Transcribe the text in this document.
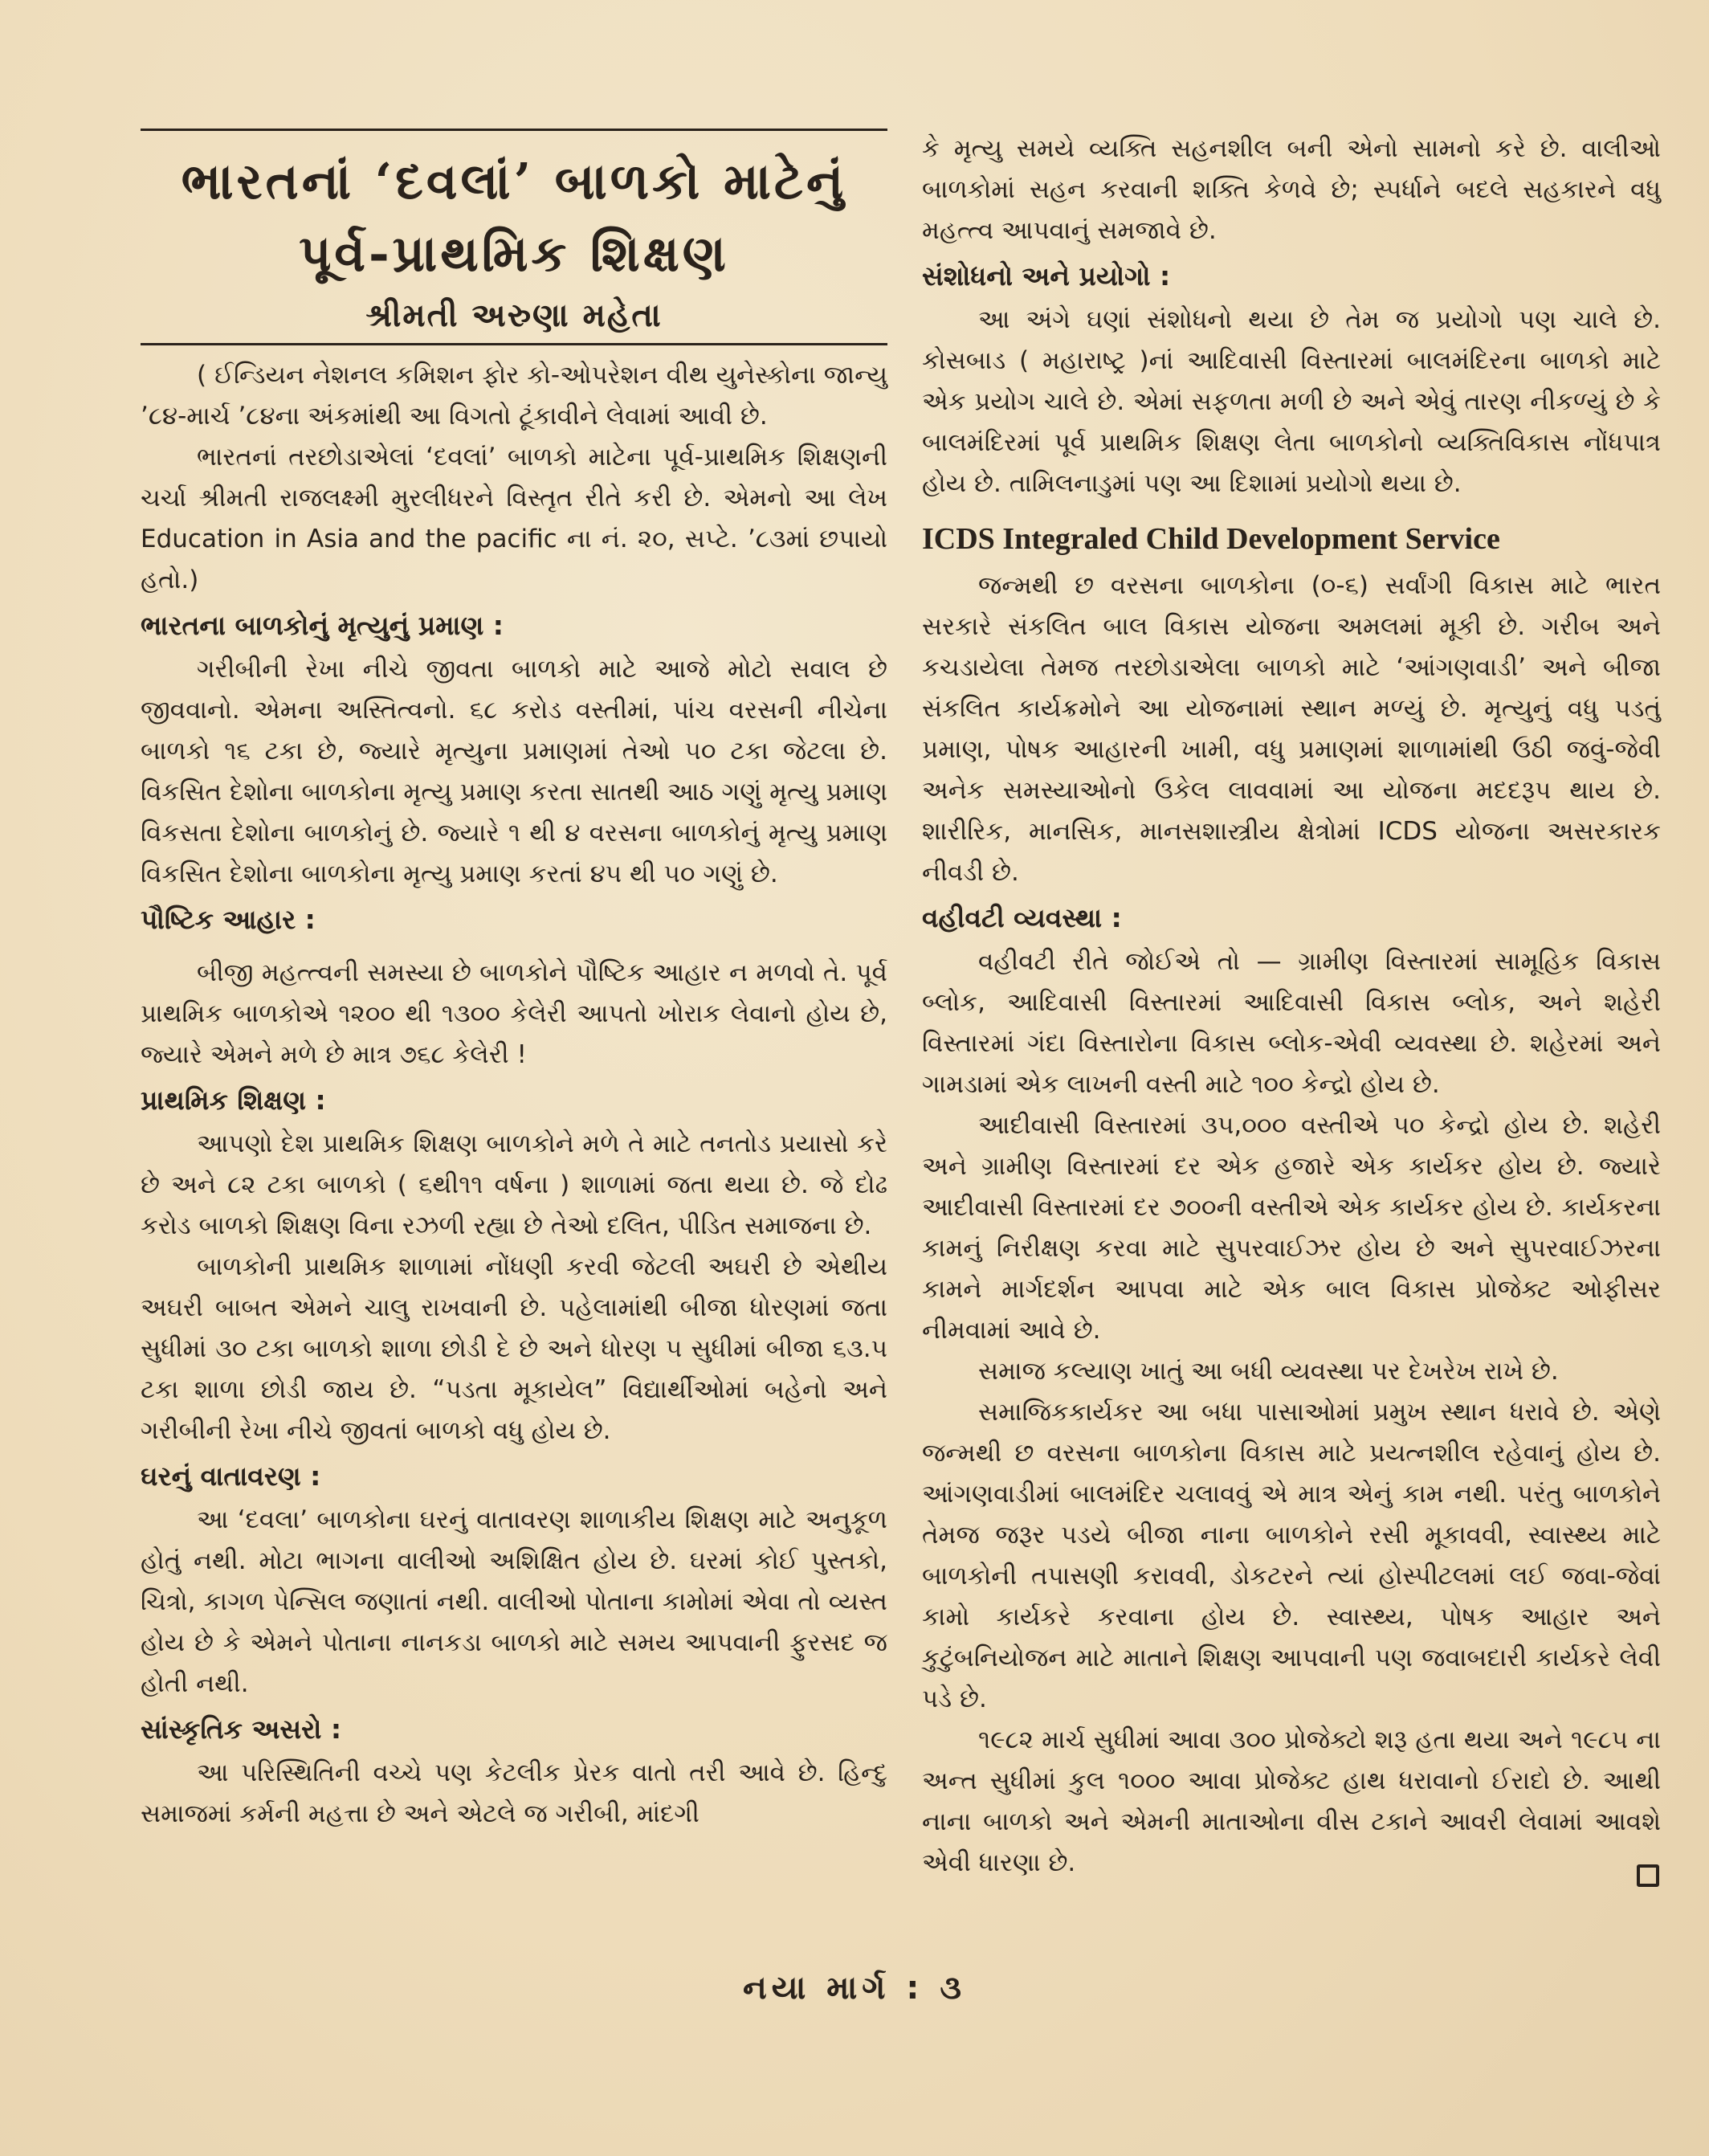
ભારતનાં ‘દવલાં’ બાળકો માટેનું
પૂર્વ-પ્રાથમિક શિક્ષણ
શ્રીમતી અરુણા મહેતા

( ઈન્ડિયન નેશનલ કમિશન ફોર કો-ઓપરેશન વીથ યુનેસ્કોના જાન્યુ ’૮૪-માર્ચ ’૮૪ના અંકમાંથી આ વિગતો ટૂંકાવીને લેવામાં આવી છે.

ભારતનાં તરછોડાએલાં ‘દવલાં’ બાળકો માટેના પૂર્વ-પ્રાથમિક શિક્ષણની ચર્ચા શ્રીમતી રાજલક્ષ્મી મુરલીધરને વિસ્તૃત રીતે કરી છે. એમનો આ લેખ Education in Asia and the pacific ના નં. ૨૦, સપ્ટે. ’૮૩માં છપાયો હતો.)

ભારતના બાળકોનું મૃત્યુનું પ્રમાણ :

ગરીબીની રેખા નીચે જીવતા બાળકો માટે આજે મોટો સવાલ છે જીવવાનો. એમના અસ્તિત્વનો. ૬૮ કરોડ વસ્તીમાં, પાંચ વરસની નીચેના બાળકો ૧૬ ટકા છે, જ્યારે મૃત્યુના પ્રમાણમાં તેઓ ૫૦ ટકા જેટલા છે. વિકસિત દેશોના બાળકોના મૃત્યુ પ્રમાણ કરતા સાતથી આઠ ગણું મૃત્યુ પ્રમાણ વિકસતા દેશોના બાળકોનું છે. જ્યારે ૧ થી ૪ વરસના બાળકોનું મૃત્યુ પ્રમાણ વિકસિત દેશોના બાળકોના મૃત્યુ પ્રમાણ કરતાં ૪૫ થી ૫૦ ગણું છે.

પૌષ્ટિક આહાર :

બીજી મહત્ત્વની સમસ્યા છે બાળકોને પૌષ્ટિક આહાર ન મળવો તે. પૂર્વ પ્રાથમિક બાળકોએ ૧૨૦૦ થી ૧૩૦૦ કેલેરી આપતો ખોરાક લેવાનો હોય છે, જ્યારે એમને મળે છે માત્ર ૭૬૮ કેલેરી !

પ્રાથમિક શિક્ષણ :

આપણો દેશ પ્રાથમિક શિક્ષણ બાળકોને મળે તે માટે તનતોડ પ્રયાસો કરે છે અને ૮૨ ટકા બાળકો ( ૬થી૧૧ વર્ષના ) શાળામાં જતા થયા છે. જે દોઢ કરોડ બાળકો શિક્ષણ વિના રઝળી રહ્યા છે તેઓ દલિત, પીડિત સમાજના છે.

બાળકોની પ્રાથમિક શાળામાં નોંધણી કરવી જેટલી અઘરી છે એથીય અઘરી બાબત એમને ચાલુ રાખવાની છે. પહેલામાંથી બીજા ધોરણમાં જતા સુધીમાં ૩૦ ટકા બાળકો શાળા છોડી દે છે અને ધોરણ ૫ સુધીમાં બીજા ૬૩.૫ ટકા શાળા છોડી જાય છે. “પડતા મૂકાયેલ” વિદ્યાર્થીઓમાં બહેનો અને ગરીબીની રેખા નીચે જીવતાં બાળકો વધુ હોય છે.

ઘરનું વાતાવરણ :

આ ‘દવલા’ બાળકોના ઘરનું વાતાવરણ શાળાકીય શિક્ષણ માટે અનુકૂળ હોતું નથી. મોટા ભાગના વાલીઓ અશિક્ષિત હોય છે. ઘરમાં કોઈ પુસ્તકો, ચિત્રો, કાગળ પેન્સિલ જણાતાં નથી. વાલીઓ પોતાના કામોમાં એવા તો વ્યસ્ત હોય છે કે એમને પોતાના નાનકડા બાળકો માટે સમય આપવાની ફુરસદ જ હોતી નથી.

સાંસ્કૃતિક અસરો :

આ પરિસ્થિતિની વચ્ચે પણ કેટલીક પ્રેરક વાતો તરી આવે છે. હિન્દુ સમાજમાં કર્મની મહત્તા છે અને એટલે જ ગરીબી, માંદગી

કે મૃત્યુ સમયે વ્યક્તિ સહનશીલ બની એનો સામનો કરે છે. વાલીઓ બાળકોમાં સહન કરવાની શક્તિ કેળવે છે; સ્પર્ધાને બદલે સહકારને વધુ મહત્ત્વ આપવાનું સમજાવે છે.

સંશોધનો અને પ્રયોગો :

આ અંગે ઘણાં સંશોધનો થયા છે તેમ જ પ્રયોગો પણ ચાલે છે. કોસબાડ ( મહારાષ્ટ્ર )નાં આદિવાસી વિસ્તારમાં બાલમંદિરના બાળકો માટે એક પ્રયોગ ચાલે છે. એમાં સફળતા મળી છે અને એવું તારણ નીકળ્યું છે કે બાલમંદિરમાં પૂર્વ પ્રાથમિક શિક્ષણ લેતા બાળકોનો વ્યક્તિવિકાસ નોંધપાત્ર હોય છે. તામિલનાડુમાં પણ આ દિશામાં પ્રયોગો થયા છે.

ICDS Integraled Child Development Service

જન્મથી છ વરસના બાળકોના (૦-૬) સર્વાંગી વિકાસ માટે ભારત સરકારે સંકલિત બાલ વિકાસ યોજના અમલમાં મૂકી છે. ગરીબ અને કચડાયેલા તેમજ તરછોડાએલા બાળકો માટે ‘આંગણવાડી’ અને બીજા સંકલિત કાર્યક્રમોને આ યોજનામાં સ્થાન મળ્યું છે. મૃત્યુનું વધુ પડતું પ્રમાણ, પોષક આહારની ખામી, વધુ પ્રમાણમાં શાળામાંથી ઉઠી જવું-જેવી અનેક સમસ્યાઓનો ઉકેલ લાવવામાં આ યોજના મદદરૂપ થાય છે. શારીરિક, માનસિક, માનસશાસ્ત્રીય ક્ષેત્રોમાં ICDS યોજના અસરકારક નીવડી છે.

વહીવટી વ્યવસ્થા :

વહીવટી રીતે જોઈએ તો — ગ્રામીણ વિસ્તારમાં સામૂહિક વિકાસ બ્લોક, આદિવાસી વિસ્તારમાં આદિવાસી વિકાસ બ્લોક, અને શહેરી વિસ્તારમાં ગંદા વિસ્તારોના વિકાસ બ્લોક-એવી વ્યવસ્થા છે. શહેરમાં અને ગામડામાં એક લાખની વસ્તી માટે ૧૦૦ કેન્દ્રો હોય છે.

આદીવાસી વિસ્તારમાં ૩૫,૦૦૦ વસ્તીએ ૫૦ કેન્દ્રો હોય છે. શહેરી અને ગ્રામીણ વિસ્તારમાં દર એક હજારે એક કાર્યકર હોય છે. જ્યારે આદીવાસી વિસ્તારમાં દર ૭૦૦ની વસ્તીએ એક કાર્યકર હોય છે. કાર્યકરના કામનું નિરીક્ષણ કરવા માટે સુપરવાઈઝર હોય છે અને સુપરવાઈઝરના કામને માર્ગદર્શન આપવા માટે એક બાલ વિકાસ પ્રોજેક્ટ ઓફીસર નીમવામાં આવે છે.

સમાજ કલ્યાણ ખાતું આ બધી વ્યવસ્થા પર દેખરેખ રાખે છે.

સમાજિકકાર્યકર આ બધા પાસાઓમાં પ્રમુખ સ્થાન ધરાવે છે. એણે જન્મથી છ વરસના બાળકોના વિકાસ માટે પ્રયત્નશીલ રહેવાનું હોય છે. આંગણવાડીમાં બાલમંદિર ચલાવવું એ માત્ર એનું કામ નથી. પરંતુ બાળકોને તેમજ જરૂર પડયે બીજા નાના બાળકોને રસી મૂકાવવી, સ્વાસ્થ્ય માટે બાળકોની તપાસણી કરાવવી, ડોકટરને ત્યાં હોસ્પીટલમાં લઈ જવા-જેવાં કામો કાર્યકરે કરવાના હોય છે. સ્વાસ્થ્ય, પોષક આહાર અને કુટુંબનિયોજન માટે માતાને શિક્ષણ આપવાની પણ જવાબદારી કાર્યકરે લેવી પડે છે.

૧૯૮૨ માર્ચ સુધીમાં આવા ૩૦૦ પ્રોજેક્ટો શરૂ હતા થયા અને ૧૯૮૫ ના અન્ત સુધીમાં કુલ ૧૦૦૦ આવા પ્રોજેક્ટ હાથ ધરાવાનો ઈરાદો છે. આથી નાના બાળકો અને એમની માતાઓના વીસ ટકાને આવરી લેવામાં આવશે એવી ધારણા છે.

નયા માર્ગ : ૩
